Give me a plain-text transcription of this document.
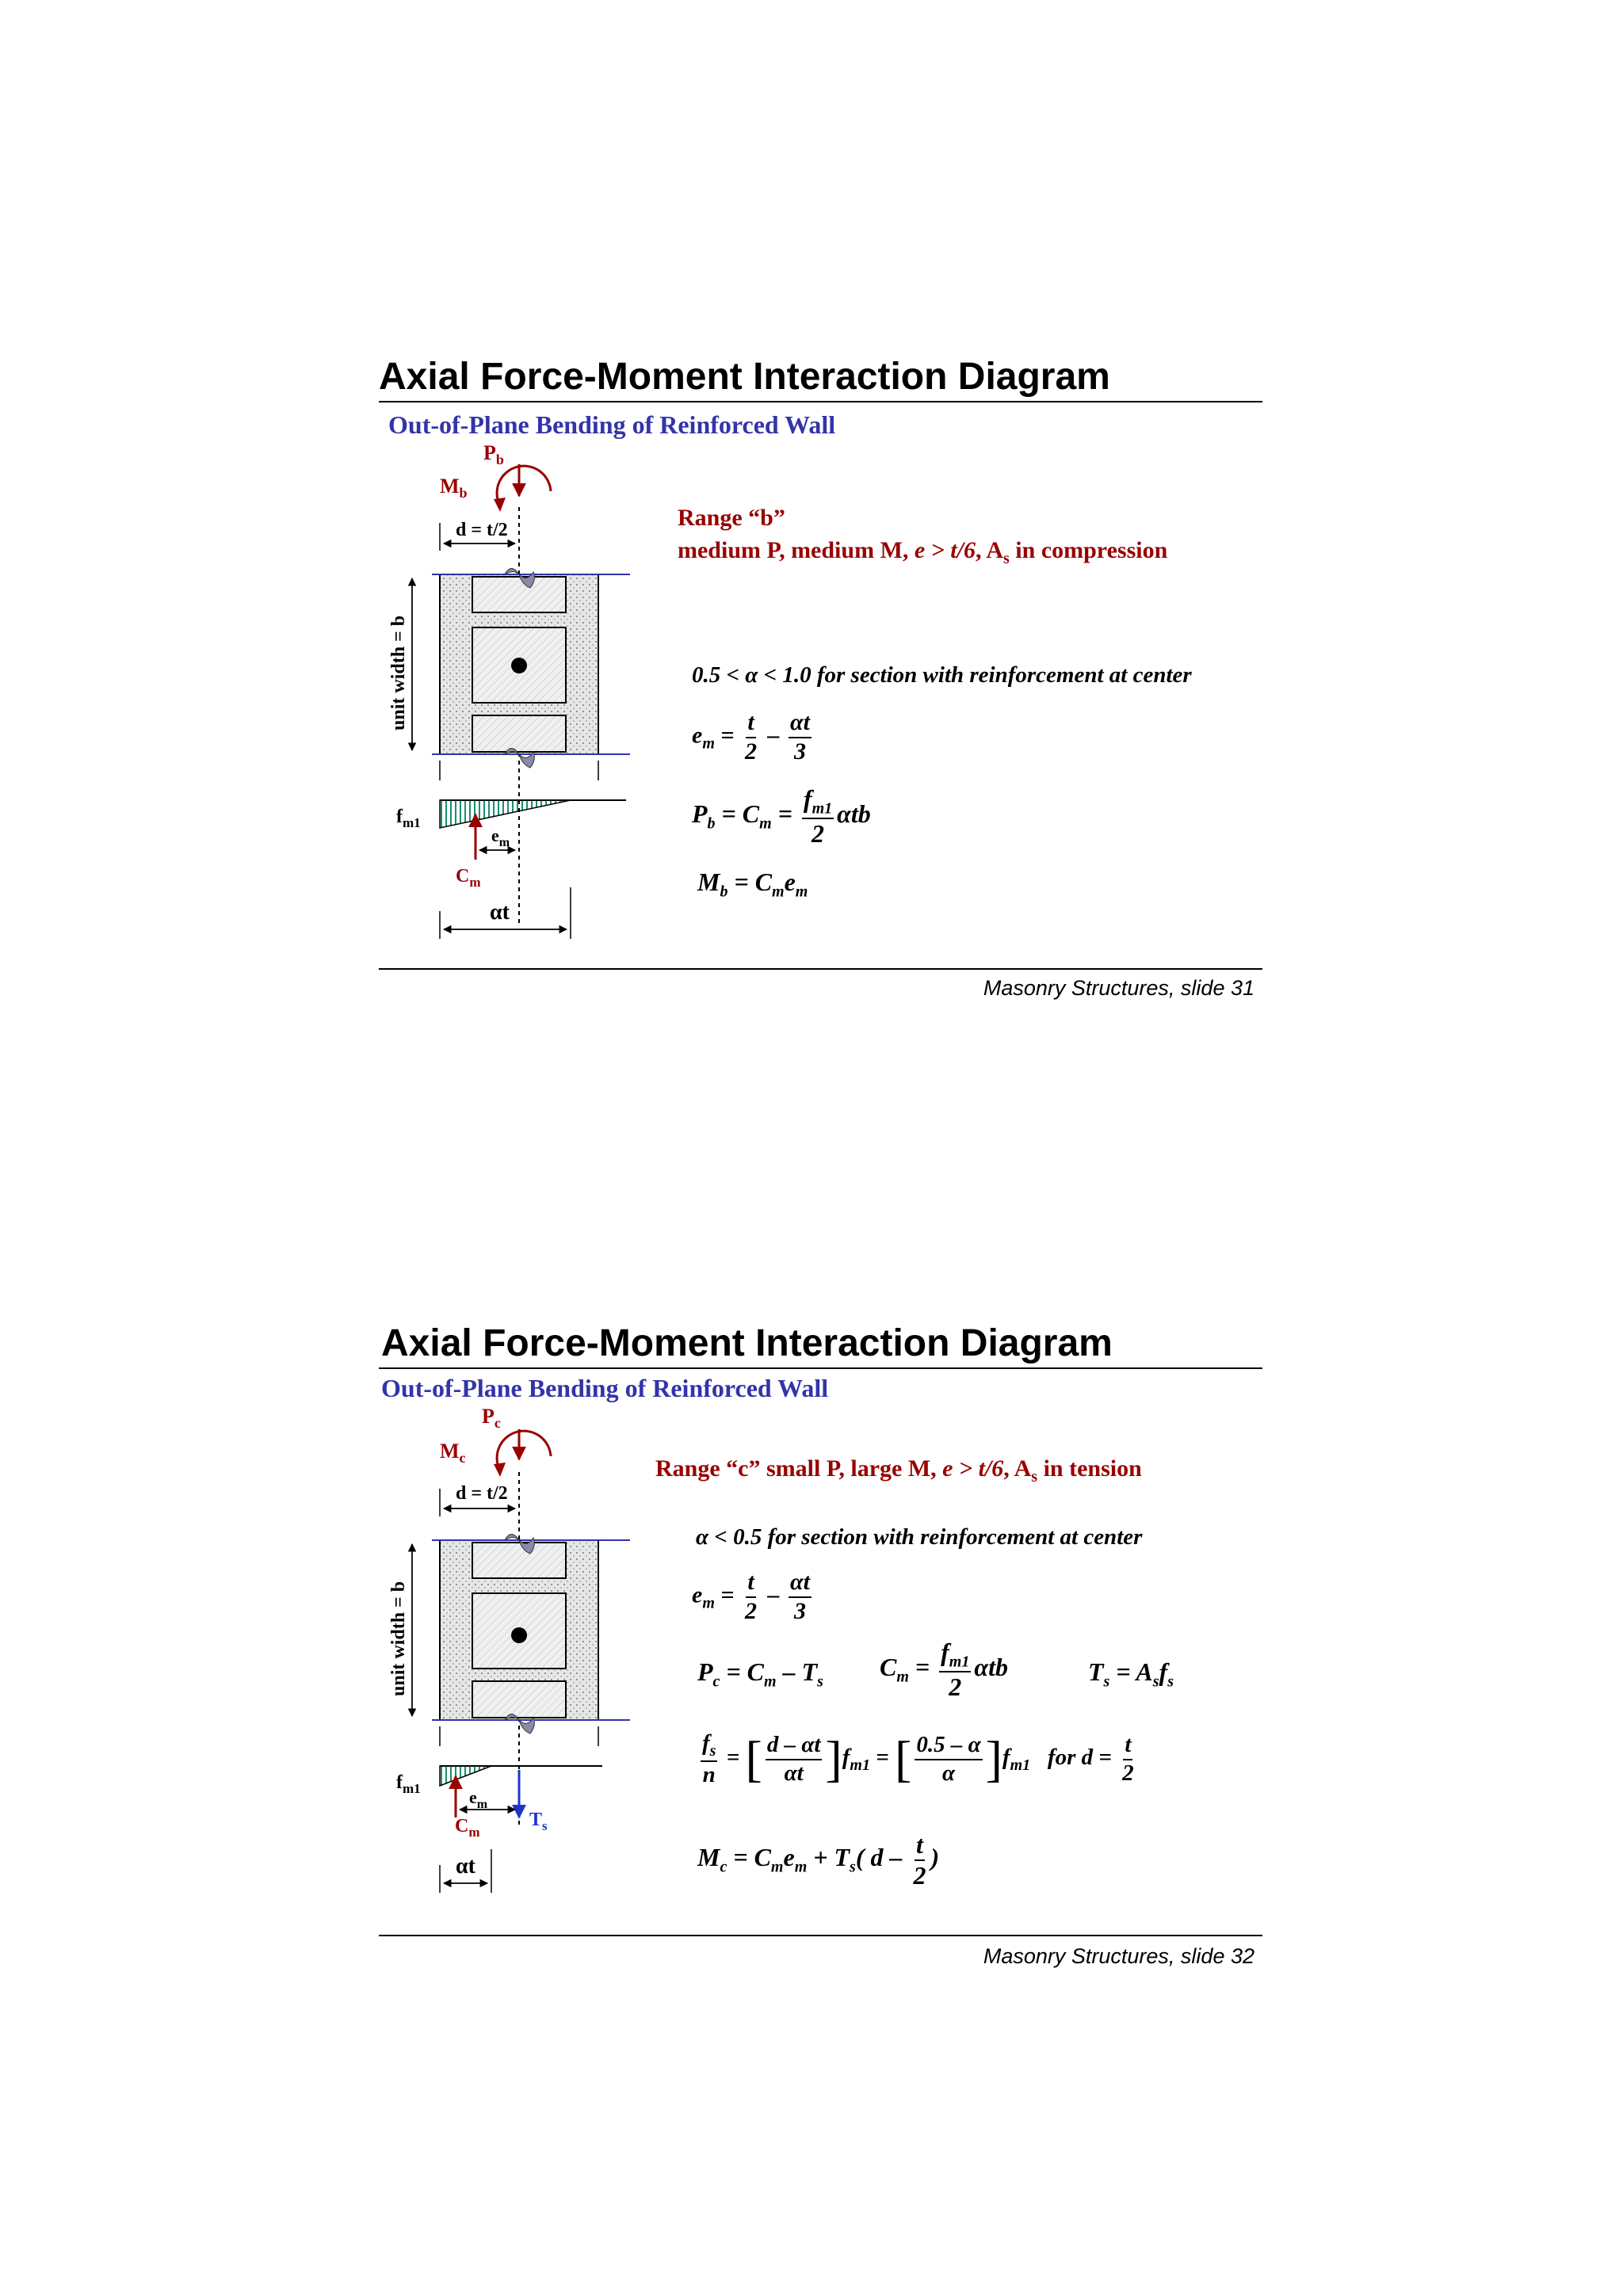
Axial Force-Moment Interaction Diagram
Out-of-Plane Bending of Reinforced Wall
$P_b$
$M_b$
d = t/2
unit width = b
$f_{m1}$
$C_m$
$e_m$
αt
Range “b”
medium P, medium M, e > t/6, $A_s$ in compression
0.5 < α < 1.0 for section with reinforcement at center
$e_m = \frac{t}{2} - \frac{\alpha t}{3}$
$P_b = C_m = \frac{f_{m1}}{2}$ αtb
$M_b = C_me_m$
Masonry Structures, slide 31
Axial Force-Moment Interaction Diagram
Out-of-Plane Bending of Reinforced Wall
$P_c$
$M_c$
d = t/2
unit width = b
$f_{m1}$
$C_m$
$T_s$
$e_m$
αt
Range “c” small P, large M, e > t/6, $A_s$ in tension
α < 0.5 for section with reinforcement at center
$e_m = \frac{t}{2} - \frac{\alpha t}{3}$
$P_c = C_m - T_s$
$C_m = \frac{f_{m1}}{2}$ αtb	$T_s = A_sf_s$
$\frac{f_s}{n}$ = [ $\frac{d - \alpha t}{\alpha t} ]f_{m1}$ = [ $\frac{0.5 - \alpha}{\alpha} ]f_{m1}$ for $d = \frac{t}{2}$
$M_c = C_me_m + T_s$( d – $\frac{t}{2}$ )
Masonry Structures, slide 32
